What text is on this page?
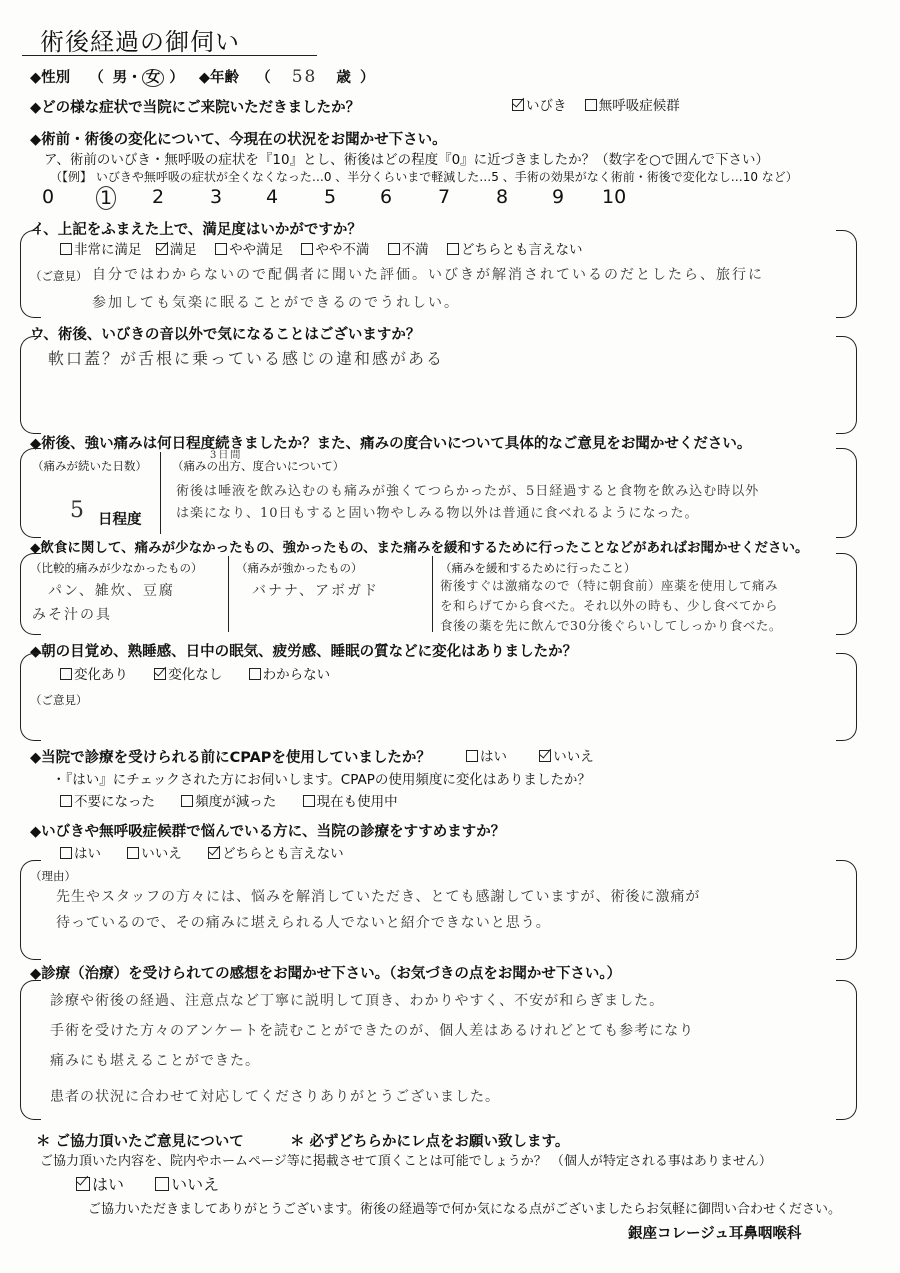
術後経過の御伺い
◆性別 （ 男・ 女 ） ◆年齢 （ 58 歳 ）
◆どの様な症状で当院にご来院いただきましたか？	いびき 無呼吸症候群
◆術前・術後の変化について、今現在の状況をお聞かせ下さい。
ア、術前のいびき・無呼吸の症状を『10』とし、術後はどの程度『0』に近づきましたか？（数字を○で囲んで下さい）
（【例】 いびきや無呼吸の症状が全くなくなった…0 、半分くらいまで軽減した…5 、手術の効果がなく術前・術後で変化なし…10 など）
0 1 2 3 4 5 6 7 8 9 10
イ、上記をふまえた上で、満足度はいかがですか？
非常に満足 満足 やや満足 やや不満 不満 どちらとも言えない
（ご意見） 自分ではわからないので配偶者に聞いた評価。いびきが解消されているのだとしたら、旅行に
参加しても気楽に眠ることができるのでうれしい。
ウ、術後、いびきの音以外で気になることはございますか？
軟口蓋？が舌根に乗っている感じの違和感がある
◆術後、強い痛みは何日程度続きましたか？また、痛みの度合いについて具体的なご意見をお聞かせください。
（痛みが続いた日数）
5 日程度
（痛みの出方、度合いについて）
3日間
術後は唾液を飲み込むのも痛みが強くてつらかったが、5日経過すると食物を飲み込む時以外
は楽になり、10日もすると固い物やしみる物以外は普通に食べれるようになった。
◆飲食に関して、痛みが少なかったもの、強かったもの、また痛みを緩和するために行ったことなどがあればお聞かせください。
（比較的痛みが少なかったもの）
パン、雑炊、豆腐
みそ汁の具
（痛みが強かったもの）
バナナ、アボガド
（痛みを緩和するために行ったこと）
術後すぐは激痛なので（特に朝食前）座薬を使用して痛み
を和らげてから食べた。それ以外の時も、少し食べてから
食後の薬を先に飲んで30分後ぐらいしてしっかり食べた。
◆朝の目覚め、熟睡感、日中の眠気、疲労感、睡眠の質などに変化はありましたか？
変化あり	変化なし	わからない
（ご意見）
◆当院で診療を受けられる前にCPAPを使用していましたか？	はい	いいえ
・『はい』にチェックされた方にお伺いします。CPAPの使用頻度に変化はありましたか？
不要になった	頻度が減った	現在も使用中
◆いびきや無呼吸症候群で悩んでいる方に、当院の診療をすすめますか？
はい	いいえ	どちらとも言えない
（理由）
先生やスタッフの方々には、悩みを解消していただき、とても感謝していますが、術後に激痛が
待っているので、その痛みに堪えられる人でないと紹介できないと思う。
◆診療（治療）を受けられての感想をお聞かせ下さい。（お気づきの点をお聞かせ下さい。）
診療や術後の経過、注意点など丁寧に説明して頂き、わかりやすく、不安が和らぎました。
手術を受けた方々のアンケートを読むことができたのが、個人差はあるけれどとても参考になり
痛みにも堪えることができた。
患者の状況に合わせて対応してくださりありがとうございました。
＊ ご協力頂いたご意見について	＊ 必ずどちらかにレ点をお願い致します。
ご協力頂いた内容を、院内やホームページ等に掲載させて頂くことは可能でしょうか？ （個人が特定される事はありません）
はい	いいえ
ご協力いただきましてありがとうございます。術後の経過等で何か気になる点がございましたらお気軽に御問い合わせください。
銀座コレージュ耳鼻咽喉科
